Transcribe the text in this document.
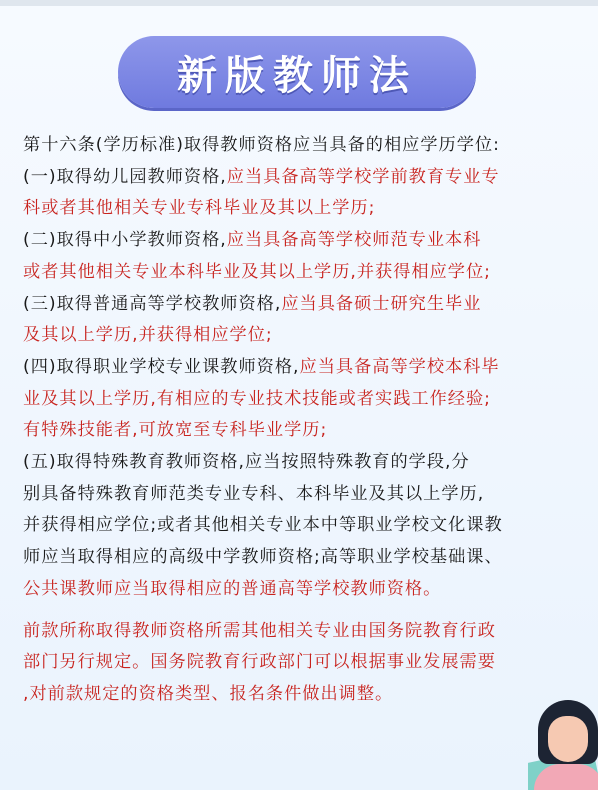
新版教师法

第十六条(学历标准)取得教师资格应当具备的相应学历学位:

(一)取得幼儿园教师资格,应当具备高等学校学前教育专业专
科或者其他相关专业专科毕业及其以上学历;

(二)取得中小学教师资格,应当具备高等学校师范专业本科
或者其他相关专业本科毕业及其以上学历,并获得相应学位;

(三)取得普通高等学校教师资格,应当具备硕士研究生毕业
及其以上学历,并获得相应学位;

(四)取得职业学校专业课教师资格,应当具备高等学校本科毕
业及其以上学历,有相应的专业技术技能或者实践工作经验;
有特殊技能者,可放宽至专科毕业学历;

(五)取得特殊教育教师资格,应当按照特殊教育的学段,分
别具备特殊教育师范类专业专科、本科毕业及其以上学历,
并获得相应学位;或者其他相关专业本中等职业学校文化课教
师应当取得相应的高级中学教师资格;高等职业学校基础课、
公共课教师应当取得相应的普通高等学校教师资格。

前款所称取得教师资格所需其他相关专业由国务院教育行政
部门另行规定。国务院教育行政部门可以根据事业发展需要
,对前款规定的资格类型、报名条件做出调整。
